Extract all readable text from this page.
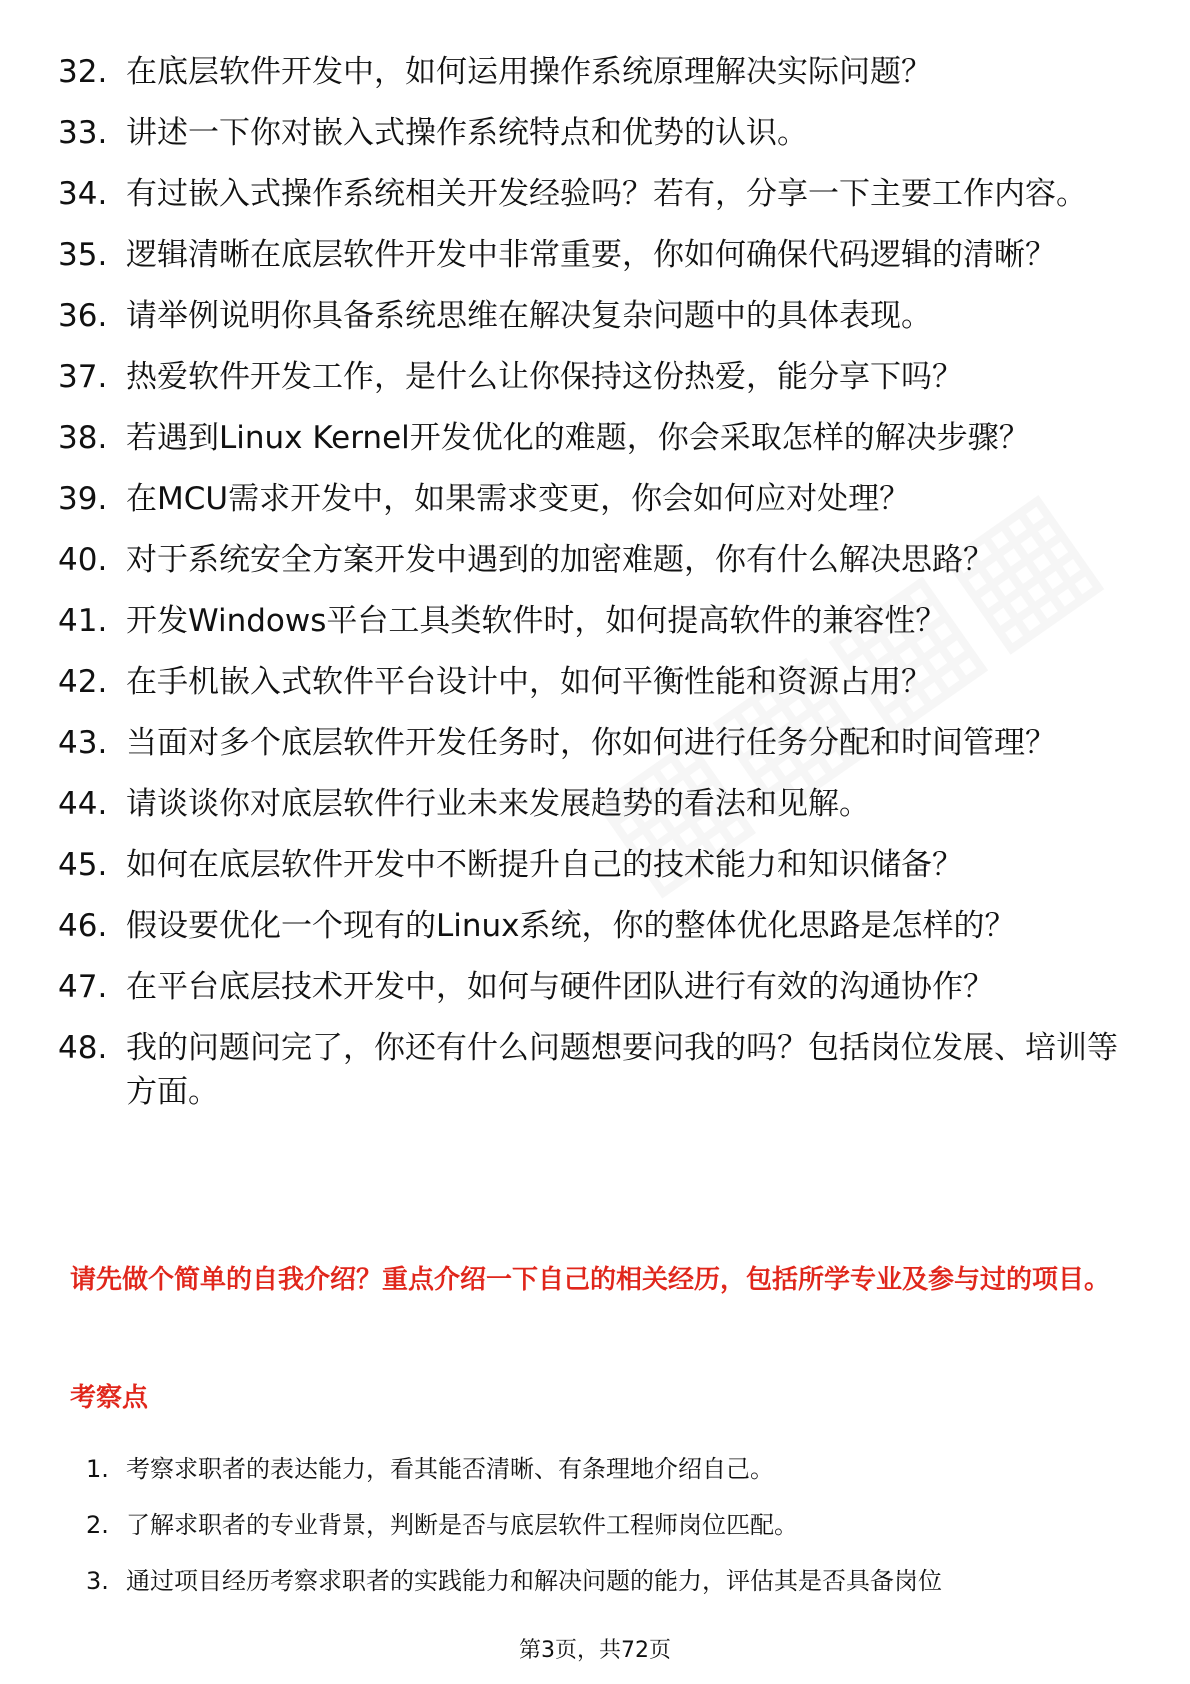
32. 在底层软件开发中，如何运用操作系统原理解决实际问题？
33. 讲述一下你对嵌入式操作系统特点和优势的认识。
34. 有过嵌入式操作系统相关开发经验吗？若有，分享一下主要工作内容。
35. 逻辑清晰在底层软件开发中非常重要，你如何确保代码逻辑的清晰？
36. 请举例说明你具备系统思维在解决复杂问题中的具体表现。
37. 热爱软件开发工作，是什么让你保持这份热爱，能分享下吗？
38. 若遇到Linux Kernel开发优化的难题，你会采取怎样的解决步骤？
39. 在MCU需求开发中，如果需求变更，你会如何应对处理？
40. 对于系统安全方案开发中遇到的加密难题，你有什么解决思路？
41. 开发Windows平台工具类软件时，如何提高软件的兼容性？
42. 在手机嵌入式软件平台设计中，如何平衡性能和资源占用？
43. 当面对多个底层软件开发任务时，你如何进行任务分配和时间管理？
44. 请谈谈你对底层软件行业未来发展趋势的看法和见解。
45. 如何在底层软件开发中不断提升自己的技术能力和知识储备？
46. 假设要优化一个现有的Linux系统，你的整体优化思路是怎样的？
47. 在平台底层技术开发中，如何与硬件团队进行有效的沟通协作？
48. 我的问题问完了，你还有什么问题想要问我的吗？包括岗位发展、培训等方面。

请先做个简单的自我介绍？重点介绍一下自己的相关经历，包括所学专业及参与过的项目。

考察点

1. 考察求职者的表达能力，看其能否清晰、有条理地介绍自己。
2. 了解求职者的专业背景，判断是否与底层软件工程师岗位匹配。
3. 通过项目经历考察求职者的实践能力和解决问题的能力，评估其是否具备岗位
第3页，共72页
